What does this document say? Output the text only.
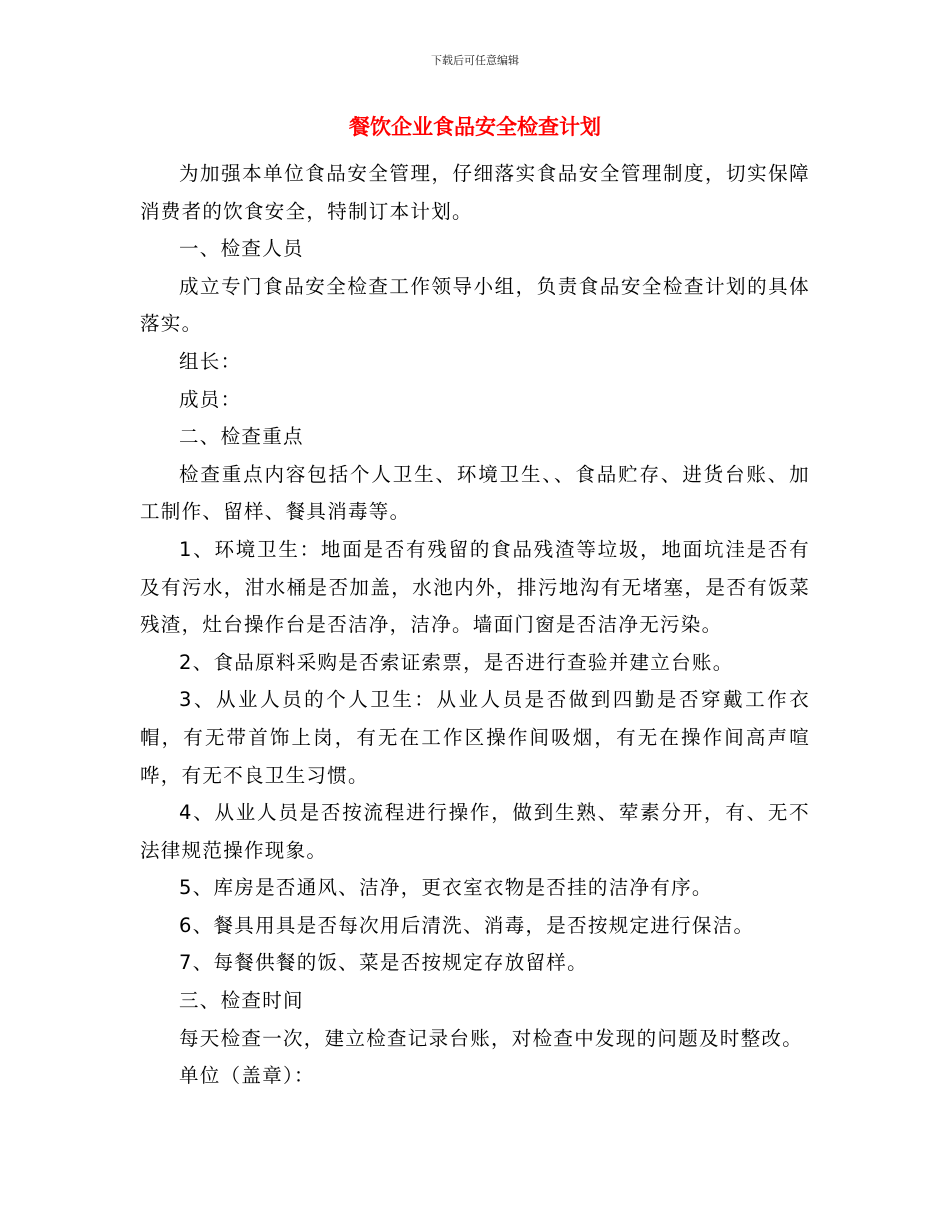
下载后可任意编辑
餐饮企业食品安全检查计划

为加强本单位食品安全管理，仔细落实食品安全管理制度，切实保障消费者的饮食安全，特制订本计划。

一、检查人员

成立专门食品安全检查工作领导小组，负责食品安全检查计划的具体落实。

组长：

成员：

二、检查重点

检查重点内容包括个人卫生、环境卫生、、食品贮存、进货台账、加工制作、留样、餐具消毒等。

1、环境卫生：地面是否有残留的食品残渣等垃圾，地面坑洼是否有及有污水，泔水桶是否加盖，水池内外，排污地沟有无堵塞，是否有饭菜残渣，灶台操作台是否洁净，洁净。墙面门窗是否洁净无污染。

2、食品原料采购是否索证索票，是否进行查验并建立台账。

3、从业人员的个人卫生：从业人员是否做到四勤是否穿戴工作衣帽，有无带首饰上岗，有无在工作区操作间吸烟，有无在操作间高声喧哗，有无不良卫生习惯。

4、从业人员是否按流程进行操作，做到生熟、荤素分开，有、无不法律规范操作现象。

5、库房是否通风、洁净，更衣室衣物是否挂的洁净有序。

6、餐具用具是否每次用后清洗、消毒，是否按规定进行保洁。

7、每餐供餐的饭、菜是否按规定存放留样。

三、检查时间

每天检查一次，建立检查记录台账，对检查中发现的问题及时整改。

单位（盖章）：
